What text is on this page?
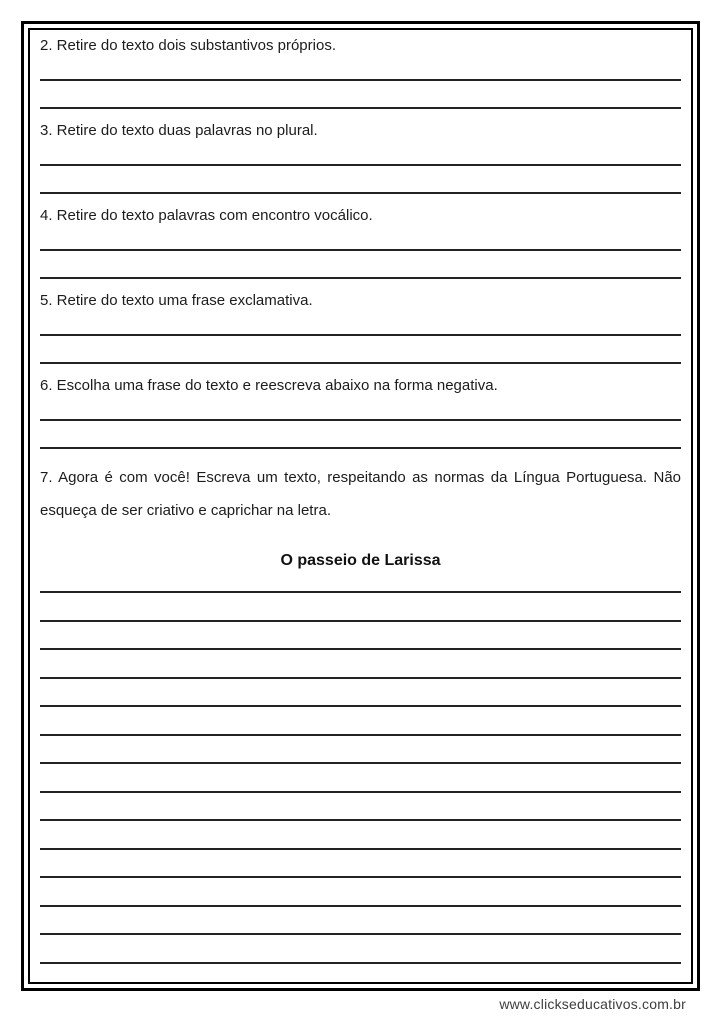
2. Retire do texto dois substantivos próprios.

3. Retire do texto duas palavras no plural.

4. Retire do texto palavras com encontro vocálico.

5. Retire do texto uma frase exclamativa.

6. Escolha uma frase do texto e reescreva abaixo na forma negativa.

7. Agora é com você! Escreva um texto, respeitando as normas da Língua Portuguesa. Não esqueça de ser criativo e caprichar na letra.

O passeio de Larissa

www.clickseducativos.com.br
